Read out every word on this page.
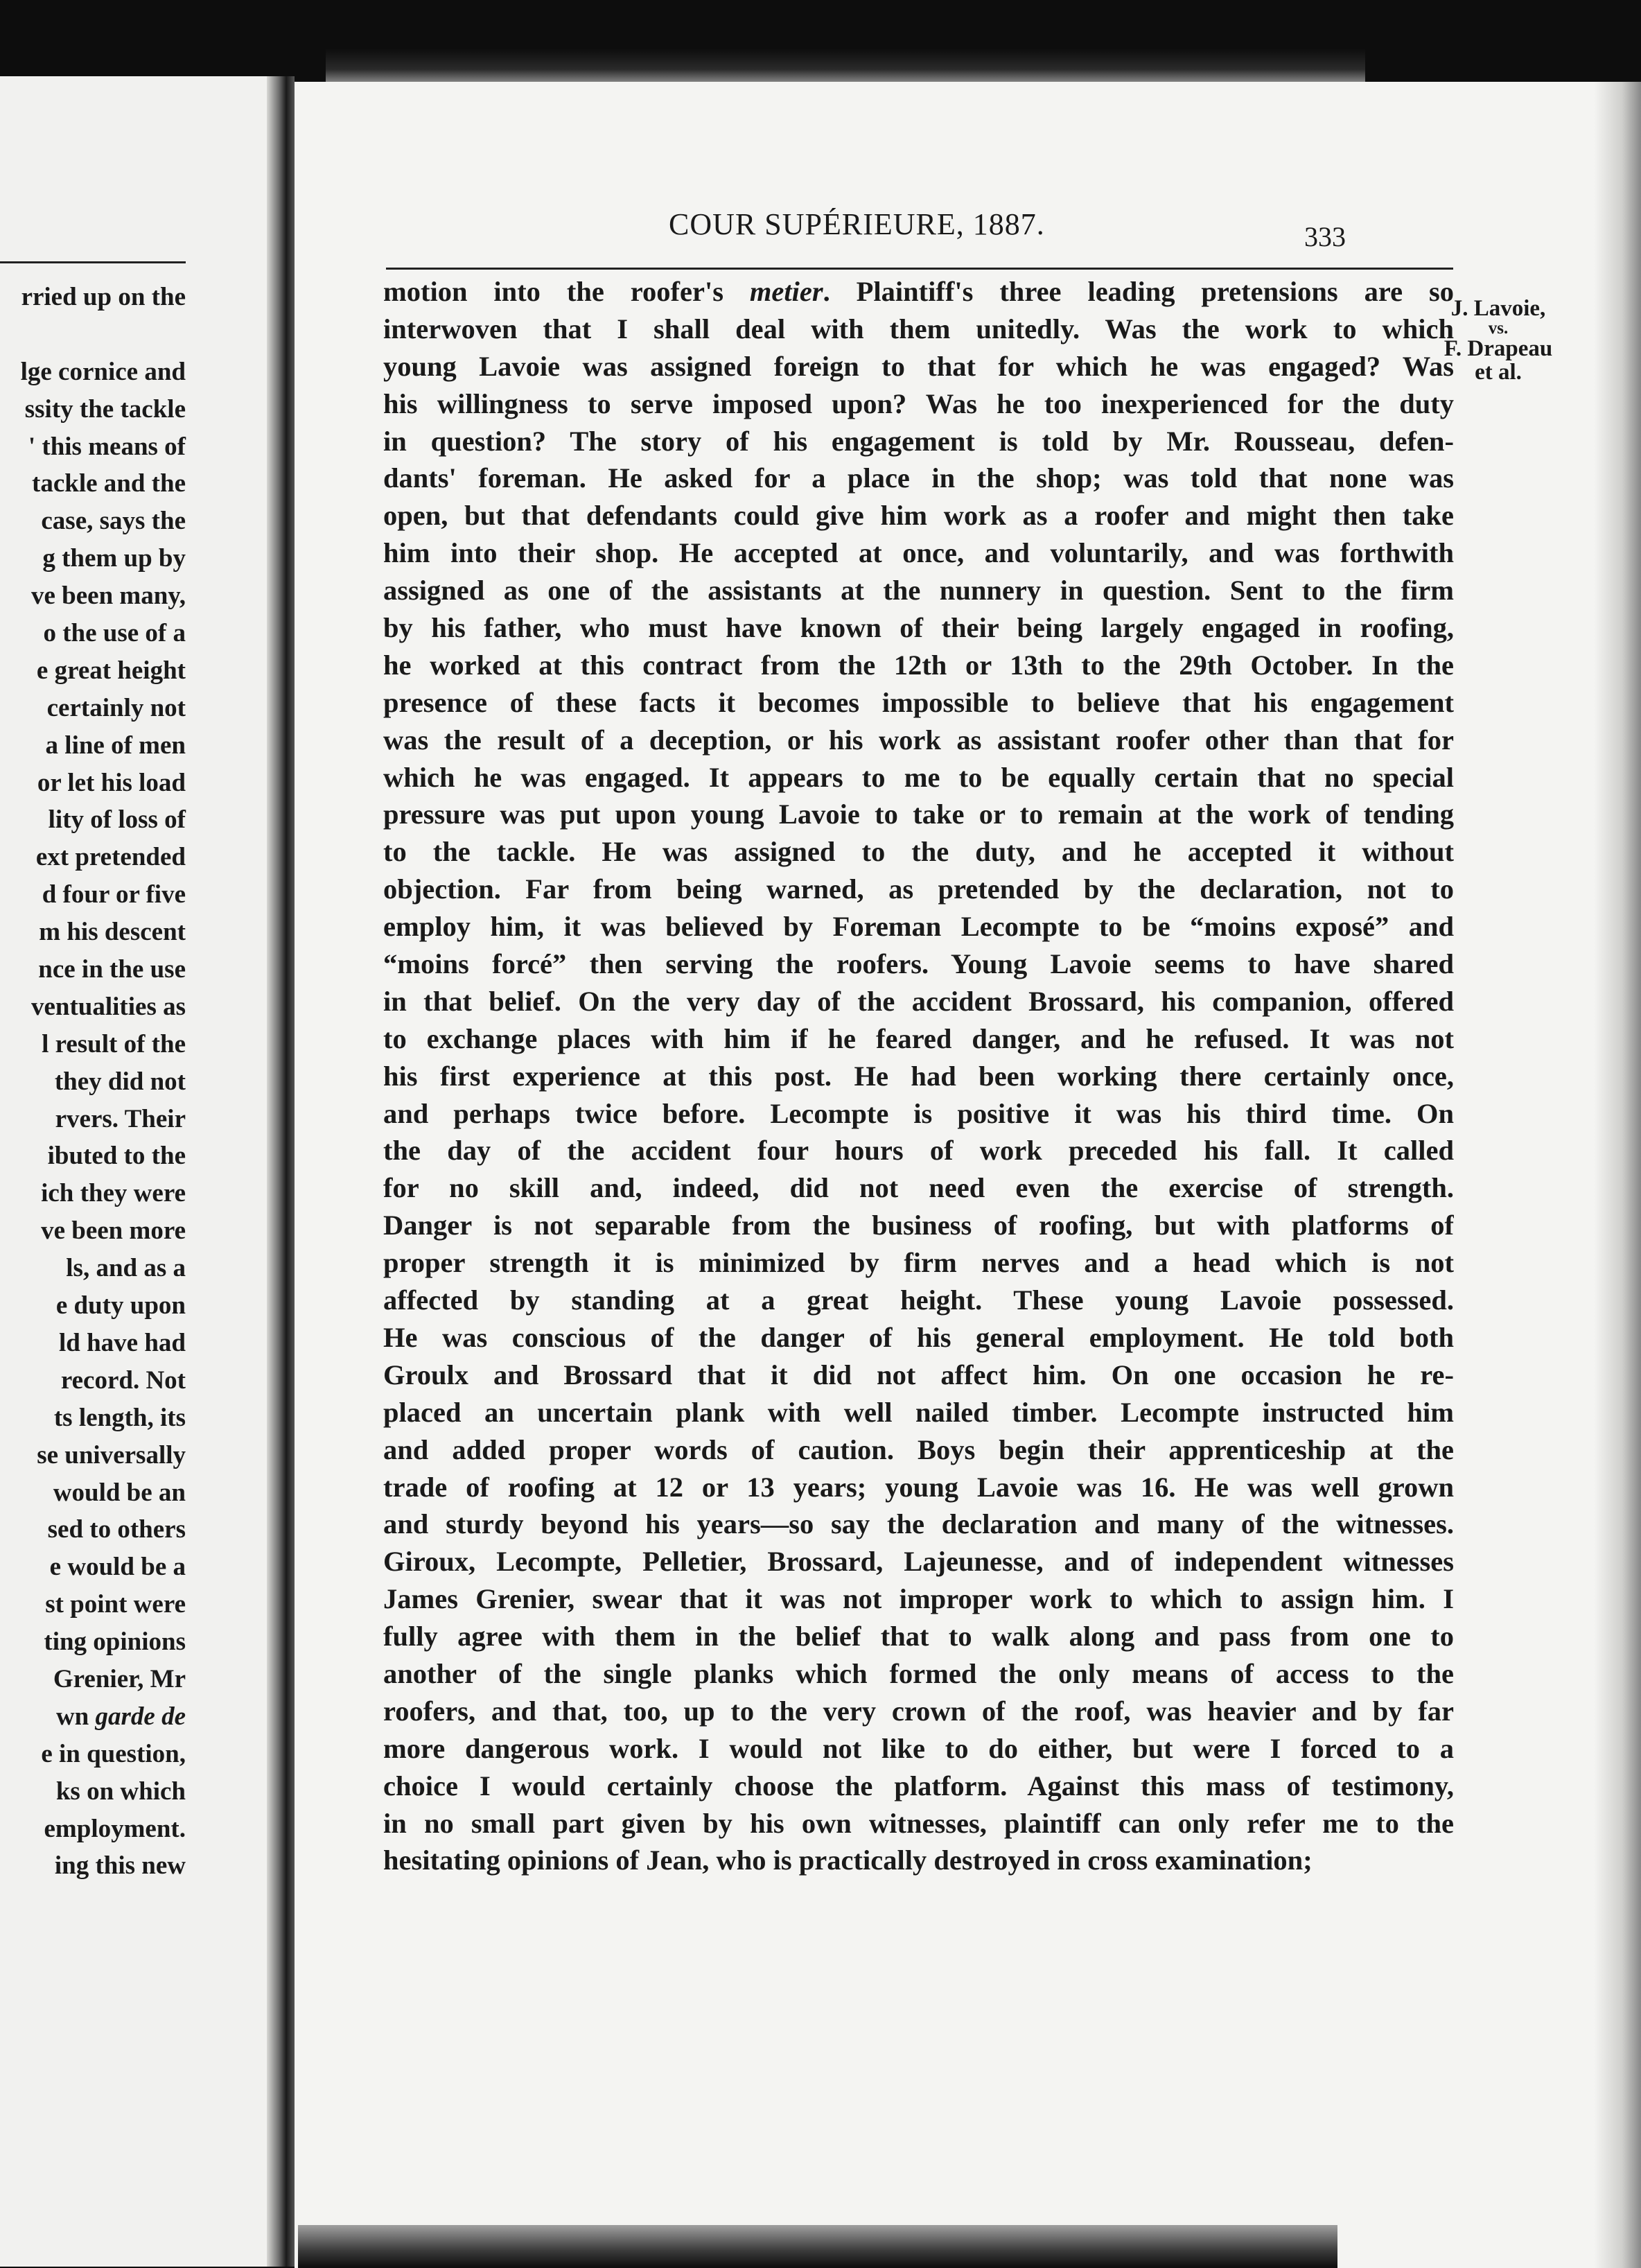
rried up on the
lge cornice and
ssity the tackle
' this means of
tackle and the
case, says the
g them up by
ve been many,
o the use of a
e great height
certainly not
a line of men
or let his load
lity of loss of
ext pretended
d four or five
m his descent
nce in the use
ventualities as
l result of the
they did not
rvers. Their
ibuted to the
ich they were
ve been more
ls, and as a
e duty upon
ld have had
record. Not
ts length, its
se universally
would be an
sed to others
e would be a
st point were
ting opinions
Grenier, Mr
wn garde de
e in question,
ks on which
employment.
ing this new
COUR SUPÉRIEURE, 1887.	333
J. Lavoie,
vs.
F. Drapeau
et al.
motion into the roofer's metier. Plaintiff's three leading pretensions are so
interwoven that I shall deal with them unitedly. Was the work to which
young Lavoie was assigned foreign to that for which he was engaged? Was
his willingness to serve imposed upon? Was he too inexperienced for the duty
in question? The story of his engagement is told by Mr. Rousseau, defen-
dants' foreman. He asked for a place in the shop; was told that none was
open, but that defendants could give him work as a roofer and might then take
him into their shop. He accepted at once, and voluntarily, and was forthwith
assigned as one of the assistants at the nunnery in question. Sent to the firm
by his father, who must have known of their being largely engaged in roofing,
he worked at this contract from the 12th or 13th to the 29th October. In the
presence of these facts it becomes impossible to believe that his engagement
was the result of a deception, or his work as assistant roofer other than that for
which he was engaged. It appears to me to be equally certain that no special
pressure was put upon young Lavoie to take or to remain at the work of tending
to the tackle. He was assigned to the duty, and he accepted it without
objection. Far from being warned, as pretended by the declaration, not to
employ him, it was believed by Foreman Lecompte to be “moins exposé” and
“moins forcé” then serving the roofers. Young Lavoie seems to have shared
in that belief. On the very day of the accident Brossard, his companion, offered
to exchange places with him if he feared danger, and he refused. It was not
his first experience at this post. He had been working there certainly once,
and perhaps twice before. Lecompte is positive it was his third time. On
the day of the accident four hours of work preceded his fall. It called
for no skill and, indeed, did not need even the exercise of strength.
Danger is not separable from the business of roofing, but with platforms of
proper strength it is minimized by firm nerves and a head which is not
affected by standing at a great height. These young Lavoie possessed.
He was conscious of the danger of his general employment. He told both
Groulx and Brossard that it did not affect him. On one occasion he re-
placed an uncertain plank with well nailed timber. Lecompte instructed him
and added proper words of caution. Boys begin their apprenticeship at the
trade of roofing at 12 or 13 years; young Lavoie was 16. He was well grown
and sturdy beyond his years—so say the declaration and many of the witnesses.
Giroux, Lecompte, Pelletier, Brossard, Lajeunesse, and of independent witnesses
James Grenier, swear that it was not improper work to which to assign him. I
fully agree with them in the belief that to walk along and pass from one to
another of the single planks which formed the only means of access to the
roofers, and that, too, up to the very crown of the roof, was heavier and by far
more dangerous work. I would not like to do either, but were I forced to a
choice I would certainly choose the platform. Against this mass of testimony,
in no small part given by his own witnesses, plaintiff can only refer me to the
hesitating opinions of Jean, who is practically destroyed in cross examination;
